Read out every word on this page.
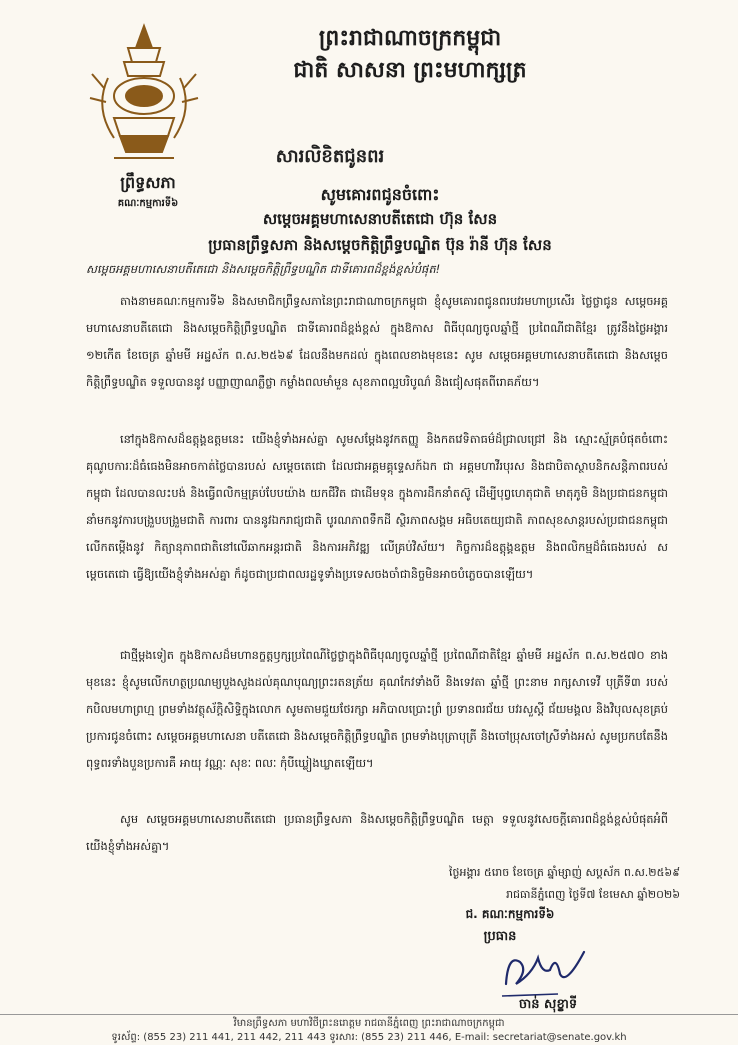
ព្រះរាជាណាចក្រកម្ពុជា
ជាតិ សាសនា ព្រះមហាក្សត្រ
ព្រឹទ្ធសភា
គណៈកម្មការទី៦
សារលិខិតជូនពរ
សូមគោរពជូនចំពោះ
សម្តេចអគ្គមហាសេនាបតីតេជោ ហ៊ុន សែន
ប្រធានព្រឹទ្ធសភា និងសម្តេចកិត្តិព្រឹទ្ធបណ្ឌិត ប៊ុន រ៉ានី ហ៊ុន សែន
សម្តេចអគ្គមហាសេនាបតីតេជោ និងសម្តេចកិត្តិព្រឹទ្ធបណ្ឌិត ជាទីគោរពដ៏ខ្ពង់ខ្ពស់បំផុត!
តាងនាមគណៈកម្មការទី៦ និងសមាជិកព្រឹទ្ធសភានៃព្រះរាជាណាចក្រកម្ពុជា ខ្ញុំសូមគោរពជូនពរបវរមហាប្រសើរ ថ្លៃថ្លាជូន សម្តេចអគ្គមហាសេនាបតីតេជោ និងសម្តេចកិត្តិព្រឹទ្ធបណ្ឌិត ជាទីគោរពដ៏ខ្ពង់ខ្ពស់ ក្នុងឱកាស ពិធីបុណ្យចូលឆ្នាំថ្មី ប្រពៃណីជាតិខ្មែរ ត្រូវនឹងថ្ងៃអង្គារ ១២កើត ខែចេត្រ ឆ្នាំមមី អដ្ឋស័ក ព.ស.២៥៦៩ ដែលនឹងមកដល់ ក្នុងពេលខាងមុខនេះ សូម សម្តេចអគ្គមហាសេនាបតីតេជោ និងសម្តេចកិត្តិព្រឹទ្ធបណ្ឌិត ទទួលបាននូវ បញ្ញាញាណភ្លឺថ្លា កម្លាំងពលមាំមួន សុខភាពល្អបរិបូណ៌ និងជៀសផុតពីរោគភ័យ។
នៅក្នុងឱកាសដ៏ឧត្តុង្គឧត្តមនេះ យើងខ្ញុំទាំងអស់គ្នា សូមសម្តែងនូវកតញ្ញូ និងកតវេទិតាធម៌ដ៏ជ្រាលជ្រៅ និង ស្មោះស្ម័គ្របំផុតចំពោះគុណូបការៈដ៏ធំធេងមិនអាចកាត់ថ្លៃបានរបស់ សម្តេចតេជោ ដែលជាអគ្គមគ្គុទ្ទេសក៍ឯក ជា អគ្គមហាវីរបុរស និងជាបិតាស្ថាបនិកសន្តិភាពរបស់កម្ពុជា ដែលបានលះបង់ និងធ្វើពលិកម្មគ្រប់បែបយ៉ាង យកជីវិត ជាដើមទុន ក្នុងការដឹកនាំតស៊ូ ដើម្បីបុព្វហេតុជាតិ មាតុភូមិ និងប្រជាជនកម្ពុជា នាំមកនូវការបង្រួបបង្រួមជាតិ ការពារ បាននូវឯករាជ្យជាតិ បូរណភាពទឹកដី ស្ថិរភាពសង្គម អធិបតេយ្យជាតិ ភាពសុខសាន្តរបស់ប្រជាជនកម្ពុជា លើកតម្កើងនូវ កិត្យានុភាពជាតិនៅលើឆាកអន្តរជាតិ និងការអភិវឌ្ឍ លើគ្រប់វិស័យ។ កិច្ចការដ៏ឧត្តុង្គឧត្តម និងពលិកម្មដ៏ធំធេងរបស់ សម្តេចតេជោ ធ្វើឱ្យយើងខ្ញុំទាំងអស់គ្នា ក៏ដូចជាប្រជាពលរដ្ឋទូទាំងប្រទេសចងចាំជានិច្ចមិនអាចបំភ្លេចបានឡើយ។
ជាថ្មីម្តងទៀត ក្នុងឱកាសដ៏មហានក្ខត្តឫក្សប្រពៃណីថ្លៃថ្លាក្នុងពិធីបុណ្យចូលឆ្នាំថ្មី ប្រពៃណីជាតិខ្មែរ ឆ្នាំមមី អដ្ឋស័ក ព.ស.២៥៧០ ខាងមុខនេះ ខ្ញុំសូមលើកហត្ថប្រណម្យបួងសួងដល់គុណបុណ្យព្រះរតនត្រ័យ គុណកែវទាំងបី និងទេវតា ឆ្នាំថ្មី ព្រះនាម រាក្សសាទេវី បុត្រីទី៣ របស់កបិលមហាព្រហ្ម ព្រមទាំងវត្ថុស័ក្តិសិទ្ធិក្នុងលោក សូមតាមជួយថែរក្សា អភិបាលប្រោះព្រំ ប្រទានពរជ័យ បវរសួស្តី ជ័យមង្គល និងវិបុលសុខគ្រប់ប្រការជូនចំពោះ សម្តេចអគ្គមហាសេនា បតីតេជោ និងសម្តេចកិត្តិព្រឹទ្ធបណ្ឌិត ព្រមទាំងបុត្រាបុត្រី និងចៅប្រុសចៅស្រីទាំងអស់ សូមប្រកបតែនឹង ពុទ្ធពរទាំងបួនប្រការគឺ អាយុ វណ្ណៈ សុខៈ ពលៈ កុំបីឃ្លៀងឃ្លាតឡើយ។
សូម សម្តេចអគ្គមហាសេនាបតីតេជោ ប្រធានព្រឹទ្ធសភា និងសម្តេចកិត្តិព្រឹទ្ធបណ្ឌិត មេត្តា ទទួលនូវសេចក្តីគោរពដ៏ខ្ពង់ខ្ពស់បំផុតអំពីយើងខ្ញុំទាំងអស់គ្នា។
ថ្ងៃអង្គារ ៥រោច ខែចេត្រ ឆ្នាំម្សាញ់ សប្តស័ក ព.ស.២៥៦៩
រាជធានីភ្នំពេញ ថ្ងៃទី៧ ខែមេសា ឆ្នាំ២០២៦
ជ. គណៈកម្មការទី៦
ប្រធាន
ចាន់ សុខ្ខាទី
វិមានព្រឹទ្ធសភា មហាវិថីព្រះនរោត្តម រាជធានីភ្នំពេញ ព្រះរាជាណាចក្រកម្ពុជា
ទូរស័ព្ទ: (855 23) 211 441, 211 442, 211 443 ទូរសារ: (855 23) 211 446, E-mail: secretariat@senate.gov.kh
